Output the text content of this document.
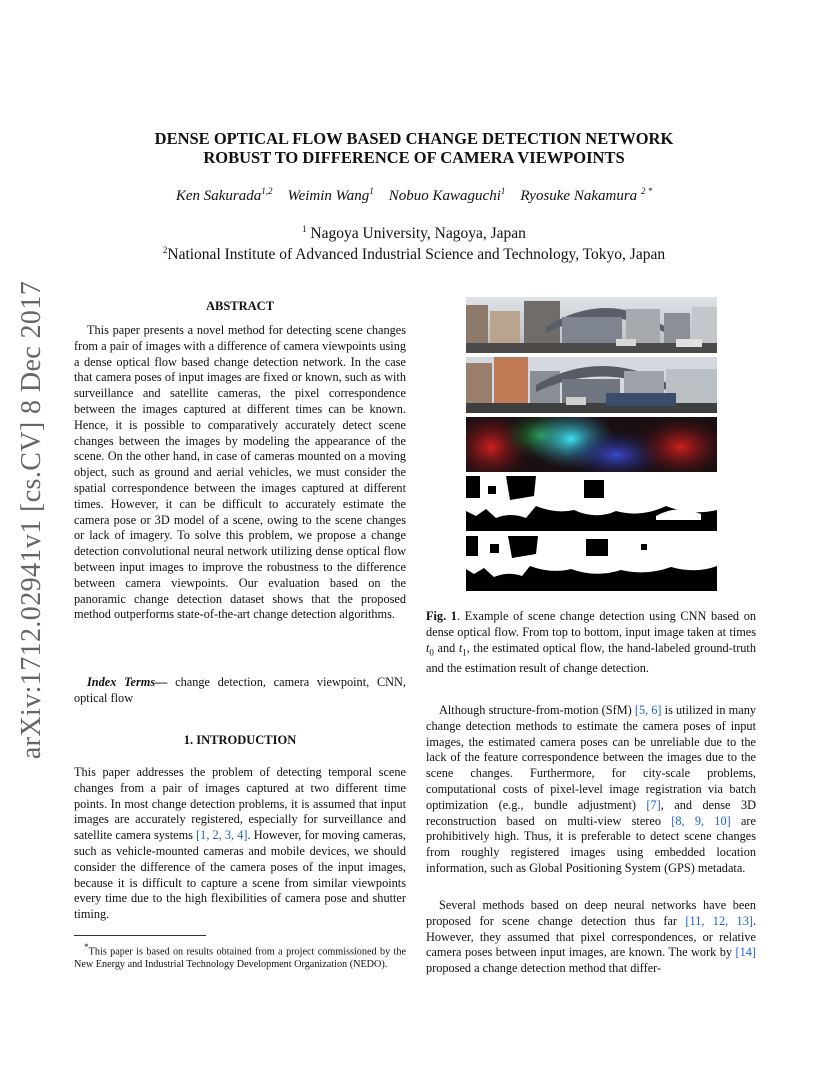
arXiv:1712.02941v1 [cs.CV] 8 Dec 2017
DENSE OPTICAL FLOW BASED CHANGE DETECTION NETWORK
ROBUST TO DIFFERENCE OF CAMERA VIEWPOINTS
Ken Sakurada$^{1,2}$ Weimin Wang$^1$ Nobuo Kawaguchi$^1$ Ryosuke Nakamura $^{2 *}$
$^1$ Nagoya University, Nagoya, Japan
$^2$National Institute of Advanced Industrial Science and Technology, Tokyo, Japan
ABSTRACT

This paper presents a novel method for detecting scene changes from a pair of images with a difference of camera viewpoints using a dense optical flow based change detection network. In the case that camera poses of input images are fixed or known, such as with surveillance and satellite cameras, the pixel correspondence between the images captured at different times can be known. Hence, it is possible to comparatively accurately detect scene changes between the images by modeling the appearance of the scene. On the other hand, in case of cameras mounted on a moving object, such as ground and aerial vehicles, we must consider the spatial correspondence between the images captured at different times. However, it can be difficult to accurately estimate the camera pose or 3D model of a scene, owing to the scene changes or lack of imagery. To solve this problem, we propose a change detection convolutional neural network utilizing dense optical flow between input images to improve the robustness to the difference between camera viewpoints. Our evaluation based on the panoramic change detection dataset shows that the proposed method outperforms state-of-the-art change detection algorithms.

Index Terms— change detection, camera viewpoint, CNN, optical flow

1. INTRODUCTION

This paper addresses the problem of detecting temporal scene changes from a pair of images captured at two different time points. In most change detection problems, it is assumed that input images are accurately registered, especially for surveillance and satellite camera systems [1, 2, 3, 4]. However, for moving cameras, such as vehicle-mounted cameras and mobile devices, we should consider the difference of the camera poses of the input images, because it is difficult to capture a scene from similar viewpoints every time due to the high flexibilities of camera pose and shutter timing.

*This paper is based on results obtained from a project commissioned by the New Energy and Industrial Technology Development Organization (NEDO).

Fig. 1. Example of scene change detection using CNN based on dense optical flow. From top to bottom, input image taken at times $t_0$ and $t_1$, the estimated optical flow, the hand-labeled ground-truth and the estimation result of change detection.

Although structure-from-motion (SfM) [5, 6] is utilized in many change detection methods to estimate the camera poses of input images, the estimated camera poses can be unreliable due to the lack of the feature correspondence between the images due to the scene changes. Furthermore, for city-scale problems, computational costs of pixel-level image registration via batch optimization (e.g., bundle adjustment) [7], and dense 3D reconstruction based on multi-view stereo [8, 9, 10] are prohibitively high. Thus, it is preferable to detect scene changes from roughly registered images using embedded location information, such as Global Positioning System (GPS) metadata.

Several methods based on deep neural networks have been proposed for scene change detection thus far [11, 12, 13]. However, they assumed that pixel correspondences, or relative camera poses between input images, are known. The work by [14] proposed a change detection method that differ-
